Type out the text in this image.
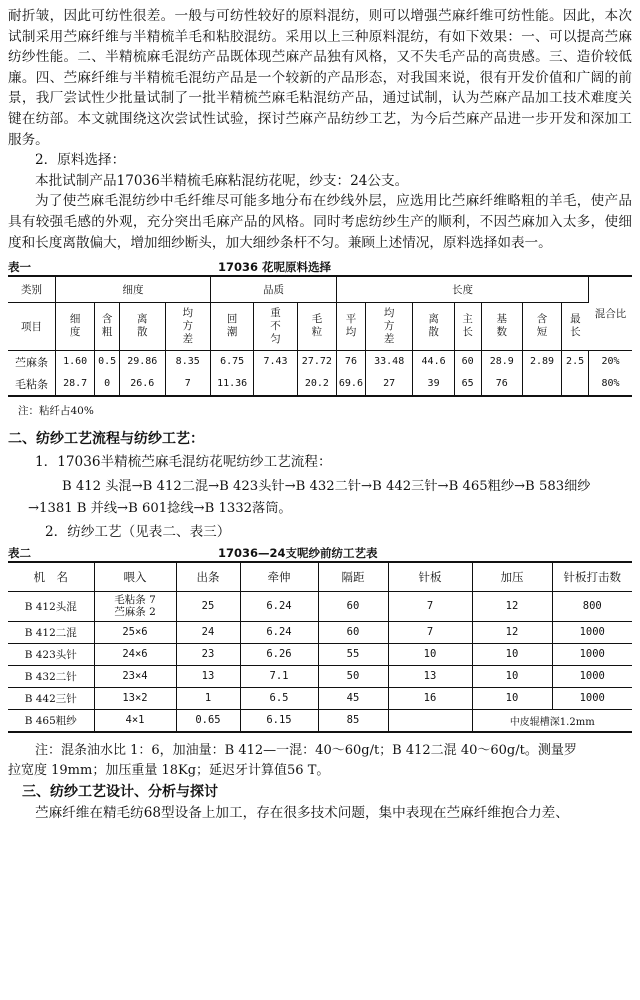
耐折皱，因此可纺性很差。一般与可纺性较好的原料混纺，则可以增强苎麻纤维可纺性能。因此，本次试制采用苎麻纤维与半精梳羊毛和粘胶混纺。采用以上三种原料混纺，有如下效果：一、可以提高苎麻纺纱性能。二、半精梳麻毛混纺产品既体现苎麻产品独有风格，又不失毛产品的高贵感。三、造价较低廉。四、苎麻纤维与半精梳毛混纺产品是一个较新的产品形态，对我国来说，很有开发价值和广阔的前景，我厂尝试性少批量试制了一批半精梳苎麻毛粘混纺产品，通过试制，认为苎麻产品加工技术难度关键在纺部。本文就围绕这次尝试性试验，探讨苎麻产品纺纱工艺，为今后苎麻产品进一步开发和深加工服务。

2．原料选择：

本批试制产品17036半精梳毛麻粘混纺花呢，纱支：24公支。

为了使苎麻毛混纺纱中毛纤维尽可能多地分布在纱线外层，应选用比苎麻纤维略粗的羊毛，使产品具有较强毛感的外观，充分突出毛麻产品的风格。同时考虑纺纱生产的顺利，不因苎麻加入太多，使细度和长度离散偏大，增加细纱断头，加大细纱条杆不匀。兼顾上述情况，原料选择如表一。

表一	17036 花呢原料选择
类别	细度				品质			长度							混合比
项目	细度	含粗	离散	均方差	回潮	重不匀	毛粒	平均	均方差	离散	主长	基数	含短	最长	

苎麻条	1.60	0.5	29.86	8.35	6.75	7.43	27.72	76	33.48	44.6	60	28.9	2.89	2.5	20%
毛粘条	28.7	0	26.6	7	11.36		20.2	69.6	27	39	65	76			80%
注：粘纤占40%
二、纺纱工艺流程与纺纱工艺：

1．17036半精梳苎麻毛混纺花呢纺纱工艺流程：

B 412 头混→B 412二混→B 423头针→B 432二针→B 442三针→B 465粗纱→B 583细纱
→1381 B 并线→B 601捻线→B 1332落筒。

2．纺纱工艺（见表二、表三）

表二	17036—24支呢纱前纺工艺表
机　名	喂入	出条	牵伸	隔距	针板	加压	针板打击数
B 412头混	毛粘条 7
苎麻条 2	25	6.24	60	7	12	800
B 412二混	25×6	24	6.24	60	7	12	1000
B 423头针	24×6	23	6.26	55	10	10	1000
B 432二针	23×4	13	7.1	50	13	10	1000
B 442三针	13×2	1	6.5	45	16	10	1000
B 465粗纱	4×1	0.65	6.15	85		中皮辊槽深1.2mm	

注：混条油水比 1：6，加油量：B 412—一混：40～60g/t；B 412二混 40～60g/t。测量罗

拉宽度 19mm；加压重量 18Kg；延迟牙计算值56 T。

三、纺纱工艺设计、分析与探讨

苎麻纤维在精毛纺68型设备上加工，存在很多技术问题，集中表现在苎麻纤维抱合力差、
